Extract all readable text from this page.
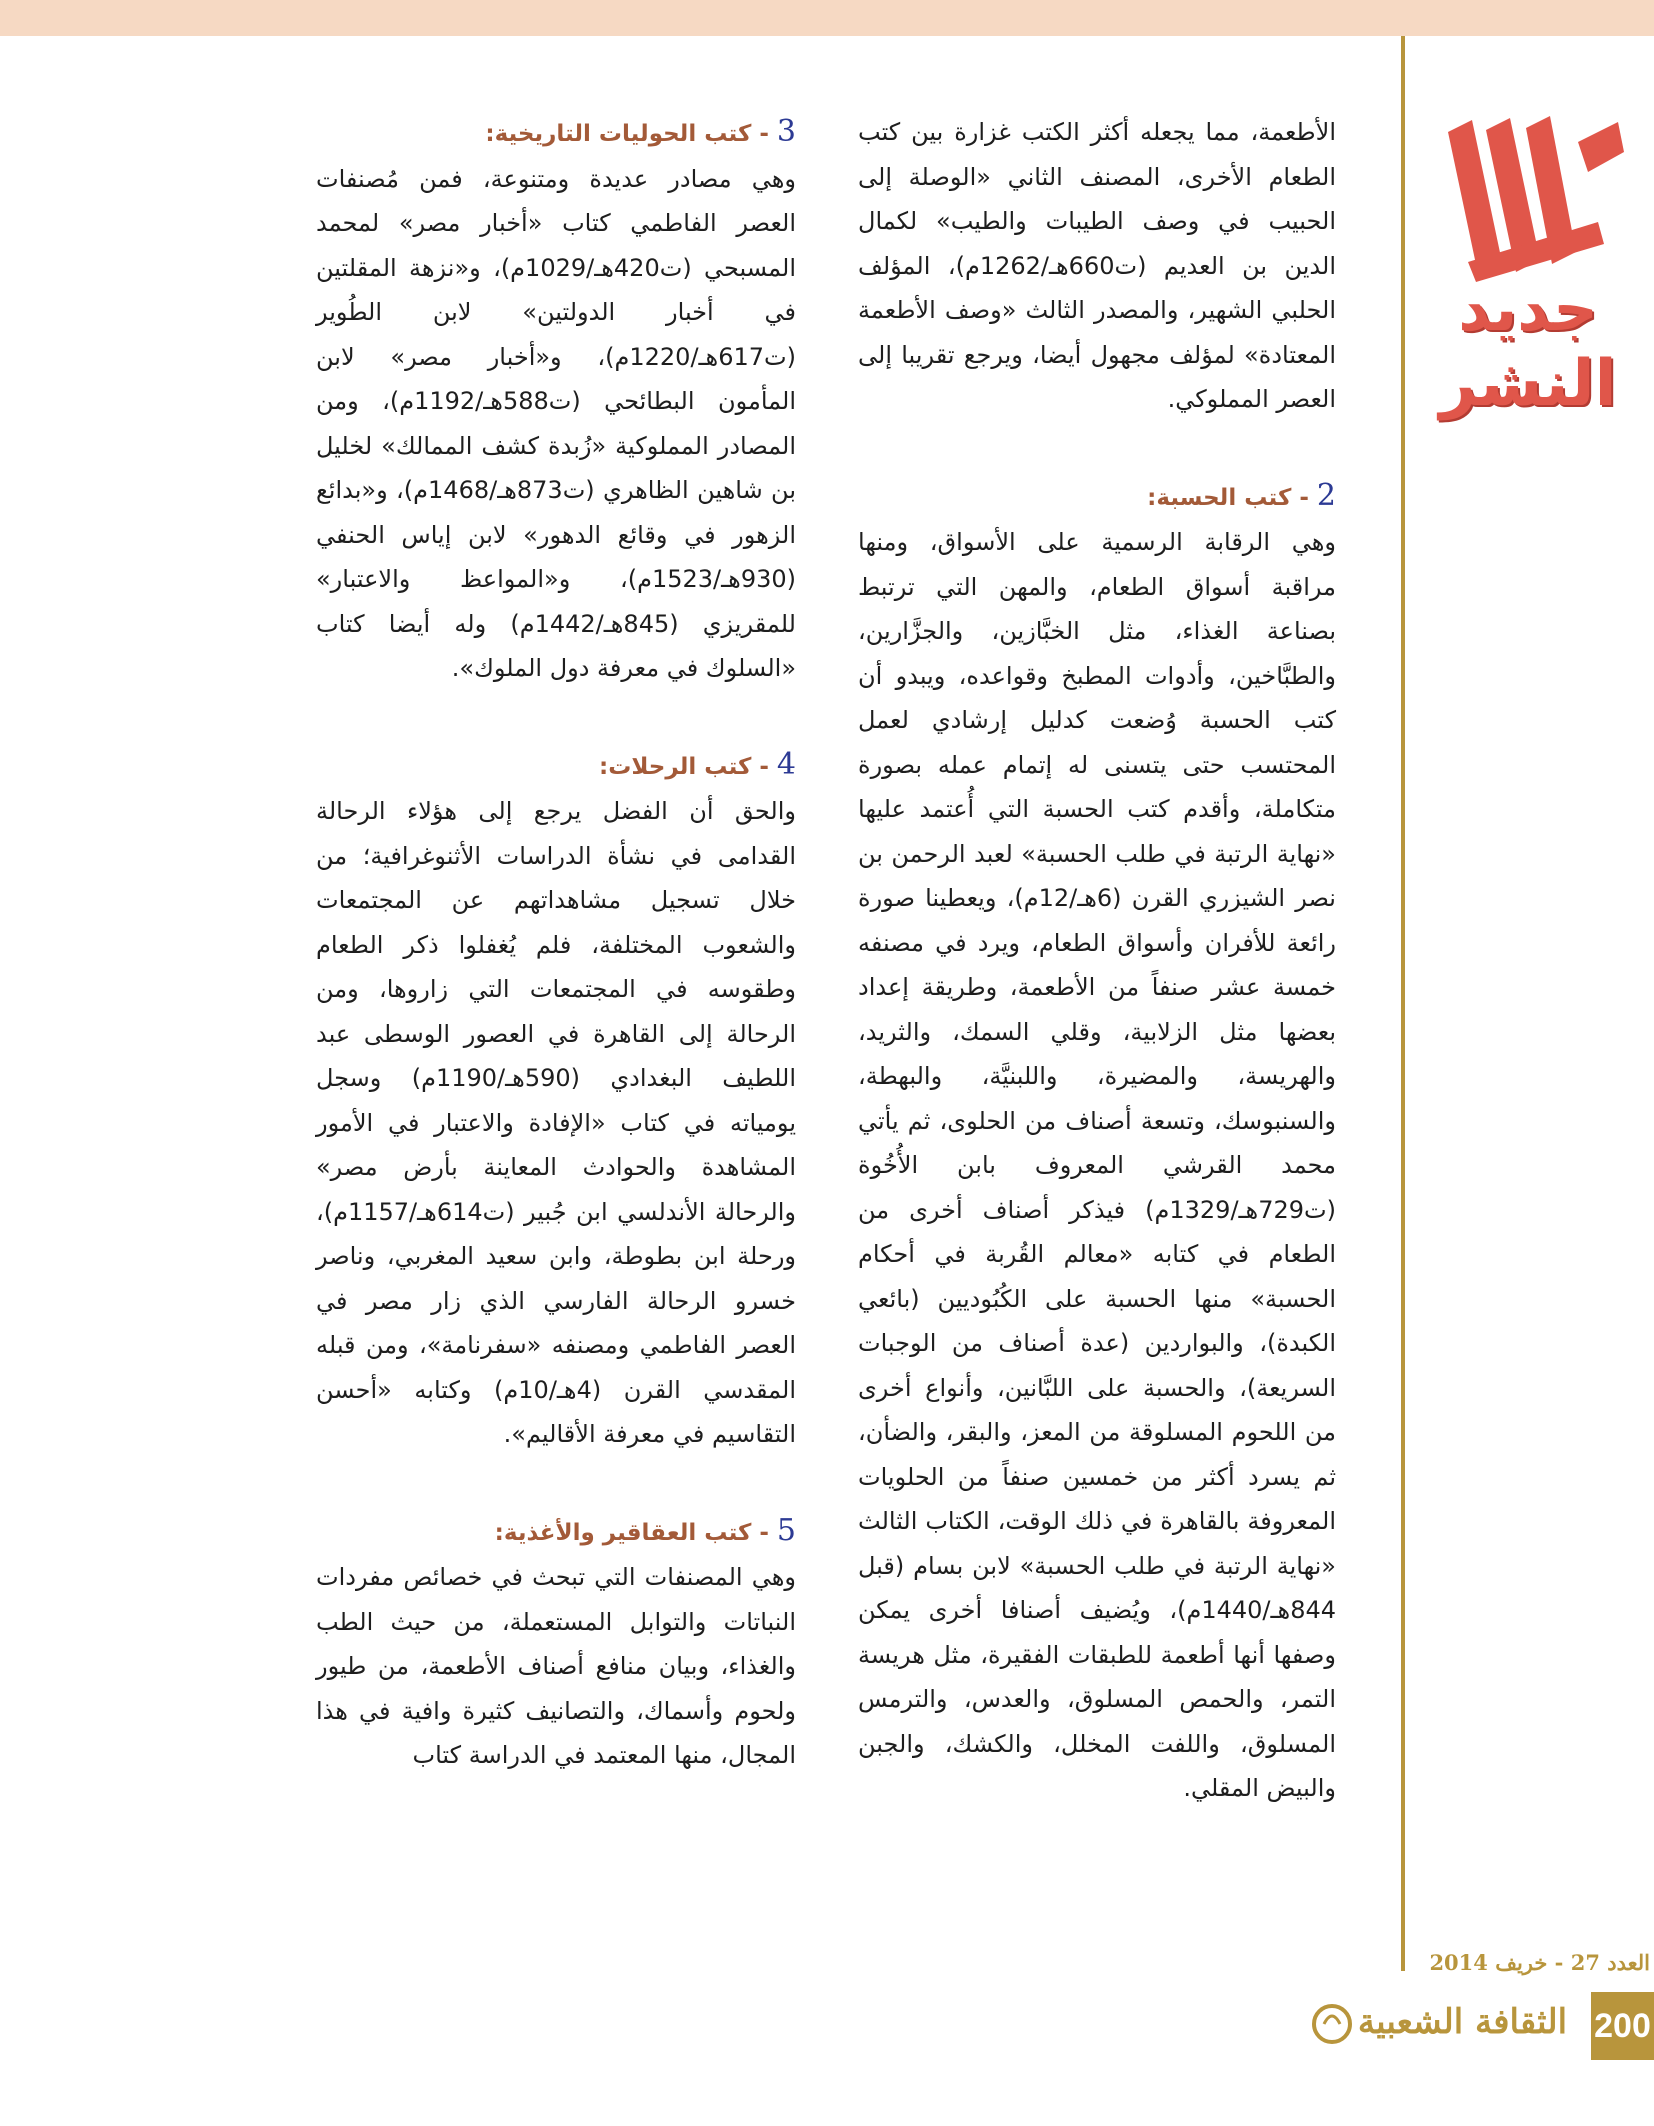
جديد
النشر

الأطعمة، مما يجعله أكثر الكتب غزارة بين كتب الطعام الأخرى، المصنف الثاني «الوصلة إلى الحبيب في وصف الطيبات والطيب» لكمال الدين بن العديم (ت660هـ/1262م)، المؤلف الحلبي الشهير، والمصدر الثالث «وصف الأطعمة المعتادة» لمؤلف مجهول أيضا، ويرجع تقريبا إلى العصر المملوكي.

2 - كتب الحسبة:

وهي الرقابة الرسمية على الأسواق، ومنها مراقبة أسواق الطعام، والمهن التي ترتبط بصناعة الغذاء، مثل الخبَّازين، والجزَّارين، والطبَّاخين، وأدوات المطبخ وقواعده، ويبدو أن كتب الحسبة وُضعت كدليل إرشادي لعمل المحتسب حتى يتسنى له إتمام عمله بصورة متكاملة، وأقدم كتب الحسبة التي أُعتمد عليها «نهاية الرتبة في طلب الحسبة» لعبد الرحمن بن نصر الشيزري القرن (6هـ/12م)، ويعطينا صورة رائعة للأفران وأسواق الطعام، ويرد في مصنفه خمسة عشر صنفاً من الأطعمة، وطريقة إعداد بعضها مثل الزلابية، وقلي السمك، والثريد، والهريسة، والمضيرة، واللبنيَّة، والبهطة، والسنبوسك، وتسعة أصناف من الحلوى، ثم يأتي محمد القرشي المعروف بابن الأُخُوة (ت729هـ/1329م) فيذكر أصناف أخرى من الطعام في كتابه «معالم القُربة في أحكام الحسبة» منها الحسبة على الكُبُوديين (بائعي الكبدة)، والبواردين (عدة أصناف من الوجبات السريعة)، والحسبة على اللبَّانين، وأنواع أخرى من اللحوم المسلوقة من المعز، والبقر، والضأن، ثم يسرد أكثر من خمسين صنفاً من الحلويات المعروفة بالقاهرة في ذلك الوقت، الكتاب الثالث «نهاية الرتبة في طلب الحسبة» لابن بسام (قبل 844هـ/1440م)، ويُضيف أصنافا أخرى يمكن وصفها أنها أطعمة للطبقات الفقيرة، مثل هريسة التمر، والحمص المسلوق، والعدس، والترمس المسلوق، واللفت المخلل، والكشك، والجبن والبيض المقلي.

3 - كتب الحوليات التاريخية:

وهي مصادر عديدة ومتنوعة، فمن مُصنفات العصر الفاطمي كتاب «أخبار مصر» لمحمد المسبحي (ت420هـ/1029م)، و«نزهة المقلتين في أخبار الدولتين» لابن الطُوير (ت617هـ/1220م)، و«أخبار مصر» لابن المأمون البطائحي (ت588هـ/1192م)، ومن المصادر المملوكية «زُبدة كشف الممالك» لخليل بن شاهين الظاهري (ت873هـ/1468م)، و«بدائع الزهور في وقائع الدهور» لابن إياس الحنفي (930هـ/1523م)، و«المواعظ والاعتبار» للمقريزي (845هـ/1442م) وله أيضا كتاب «السلوك في معرفة دول الملوك».

4 - كتب الرحلات:

والحق أن الفضل يرجع إلى هؤلاء الرحالة القدامى في نشأة الدراسات الأثنوغرافية؛ من خلال تسجيل مشاهداتهم عن المجتمعات والشعوب المختلفة، فلم يُغفلوا ذكر الطعام وطقوسه في المجتمعات التي زاروها، ومن الرحالة إلى القاهرة في العصور الوسطى عبد اللطيف البغدادي (590هـ/1190م) وسجل يومياته في كتاب «الإفادة والاعتبار في الأمور المشاهدة والحوادث المعاينة بأرض مصر» والرحالة الأندلسي ابن جُبير (ت614هـ/1157م)، ورحلة ابن بطوطة، وابن سعيد المغربي، وناصر خسرو الرحالة الفارسي الذي زار مصر في العصر الفاطمي ومصنفه «سفرنامة»، ومن قبله المقدسي القرن (4هـ/10م) وكتابه «أحسن التقاسيم في معرفة الأقاليم».

5 - كتب العقاقير والأغذية:

وهي المصنفات التي تبحث في خصائص مفردات النباتات والتوابل المستعملة، من حيث الطب والغذاء، وبيان منافع أصناف الأطعمة، من طيور ولحوم وأسماك، والتصانيف كثيرة وافية في هذا المجال، منها المعتمد في الدراسة كتاب

العدد 27 - خريف 2014
الثقافة الشعبية 200
